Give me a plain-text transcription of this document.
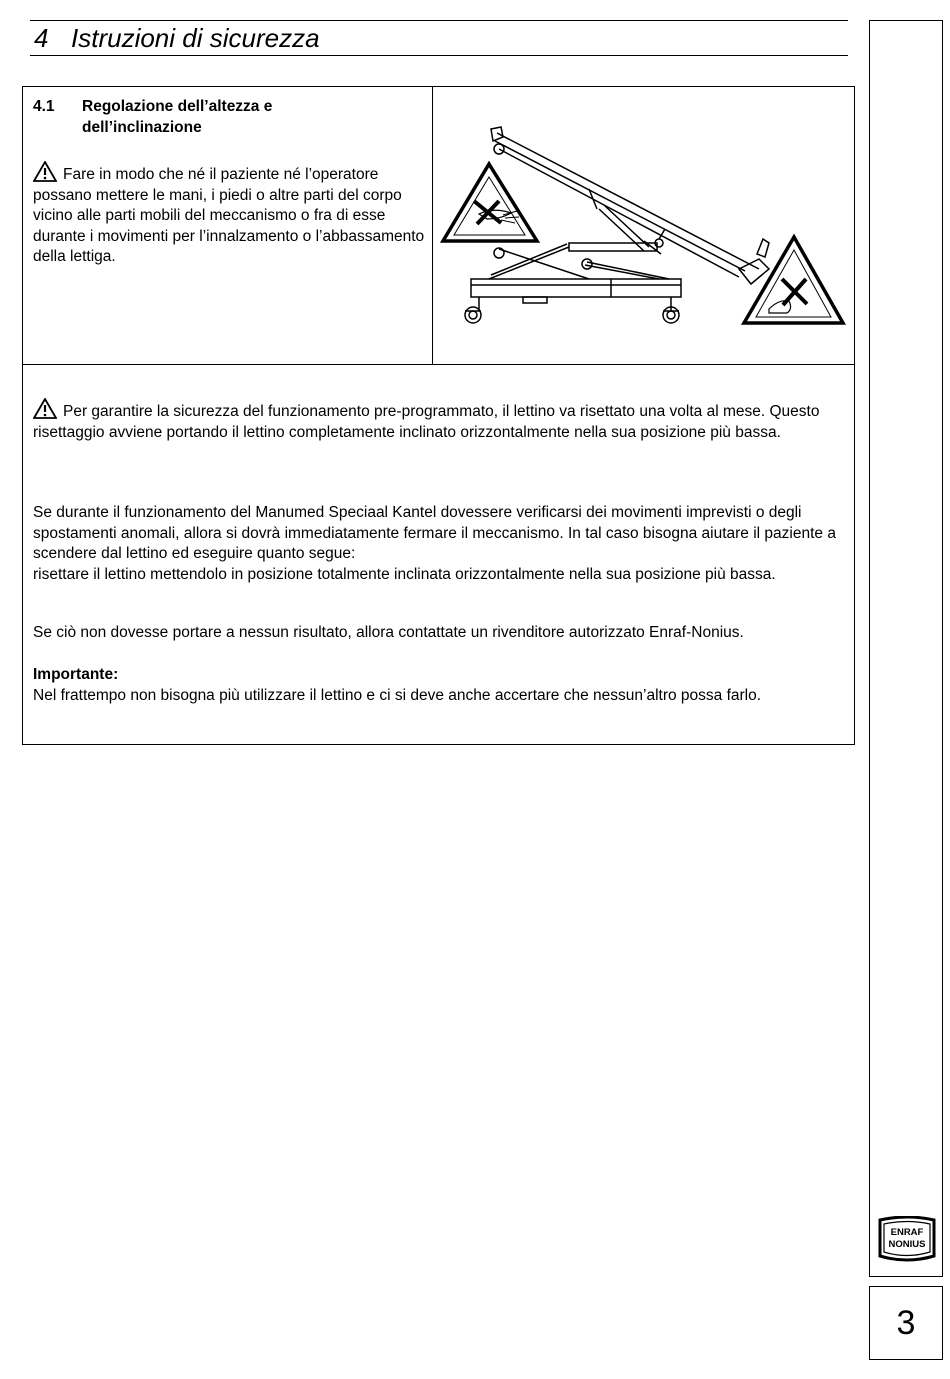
4 Istruzioni di sicurezza
ENRAF
NONIUS
3
4.1 Regolazione dell’altezza e
dell’inclinazione
Fare in modo che né il paziente né l’operatore possano mettere le mani, i piedi o altre parti del corpo vicino alle parti mobili del meccanismo o fra di esse durante i movimenti per l’innalzamento o l’abbassamento della lettiga.
Per garantire la sicurezza del funzionamento pre-programmato, il lettino va risettato una volta al mese. Questo risettaggio avviene portando il lettino completamente inclinato orizzontalmente nella sua posizione più bassa.
Se durante il funzionamento del Manumed Speciaal Kantel dovessere verificarsi dei movimenti imprevisti o degli spostamenti anomali, allora si dovrà immediatamente fermare il meccanismo. In tal caso bisogna aiutare il paziente a scendere dal lettino ed eseguire quanto segue:
risettare il lettino mettendolo in posizione totalmente inclinata orizzontalmente nella sua posizione più bassa.
Se ciò non dovesse portare a nessun risultato, allora contattate un rivenditore autorizzato Enraf-Nonius.
Importante:
Nel frattempo non bisogna più utilizzare il lettino e ci si deve anche accertare che nessun’altro possa farlo.
